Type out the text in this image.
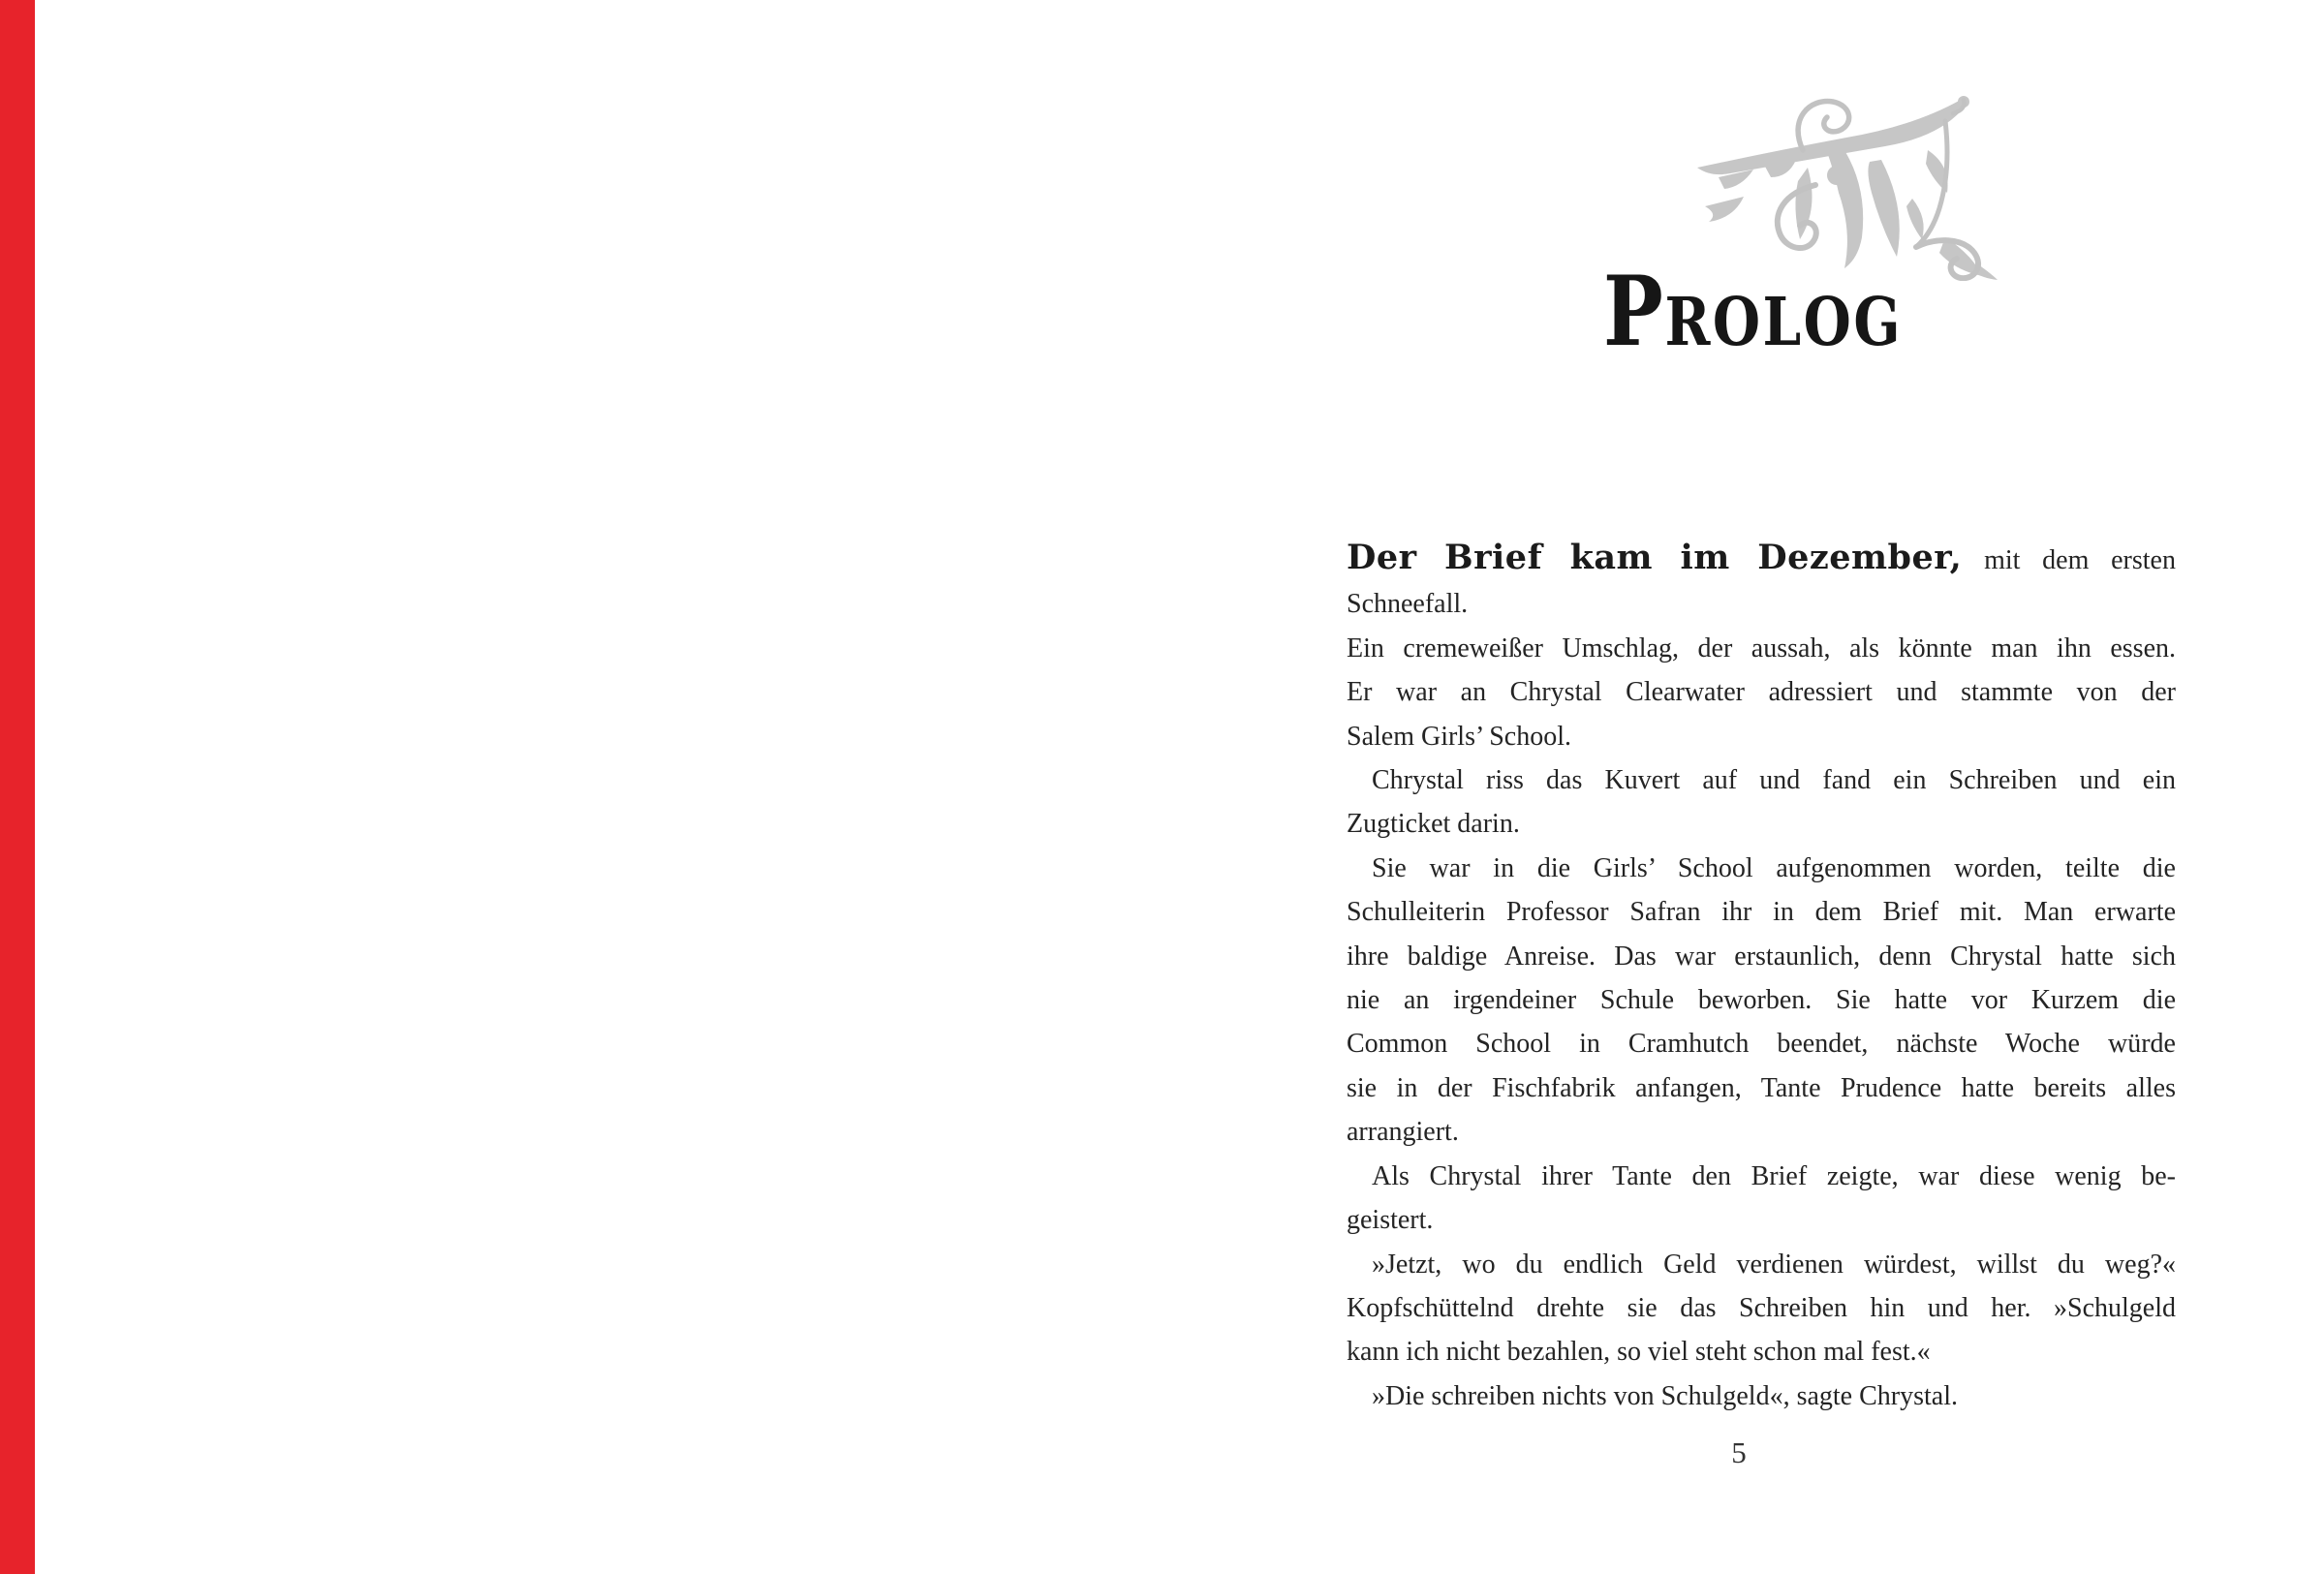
PROLOG
Der Brief kam im Dezember, mit dem ersten Schneefall.
Ein cremeweißer Umschlag, der aussah, als könnte man ihn essen.
Er war an Chrystal Clearwater adressiert und stammte von der
Salem Girls’ School.
Chrystal riss das Kuvert auf und fand ein Schreiben und ein
Zugticket darin.
Sie war in die Girls’ School aufgenommen worden, teilte die
Schulleiterin Professor Safran ihr in dem Brief mit. Man erwarte
ihre baldige Anreise. Das war erstaunlich, denn Chrystal hatte sich
nie an irgendeiner Schule beworben. Sie hatte vor Kurzem die
Common School in Cramhutch beendet, nächste Woche würde
sie in der Fischfabrik anfangen, Tante Prudence hatte bereits alles
arrangiert.
Als Chrystal ihrer Tante den Brief zeigte, war diese wenig be-
geistert.
»Jetzt, wo du endlich Geld verdienen würdest, willst du weg?«
Kopfschüttelnd drehte sie das Schreiben hin und her. »Schulgeld
kann ich nicht bezahlen, so viel steht schon mal fest.«
»Die schreiben nichts von Schulgeld«, sagte Chrystal.
5
